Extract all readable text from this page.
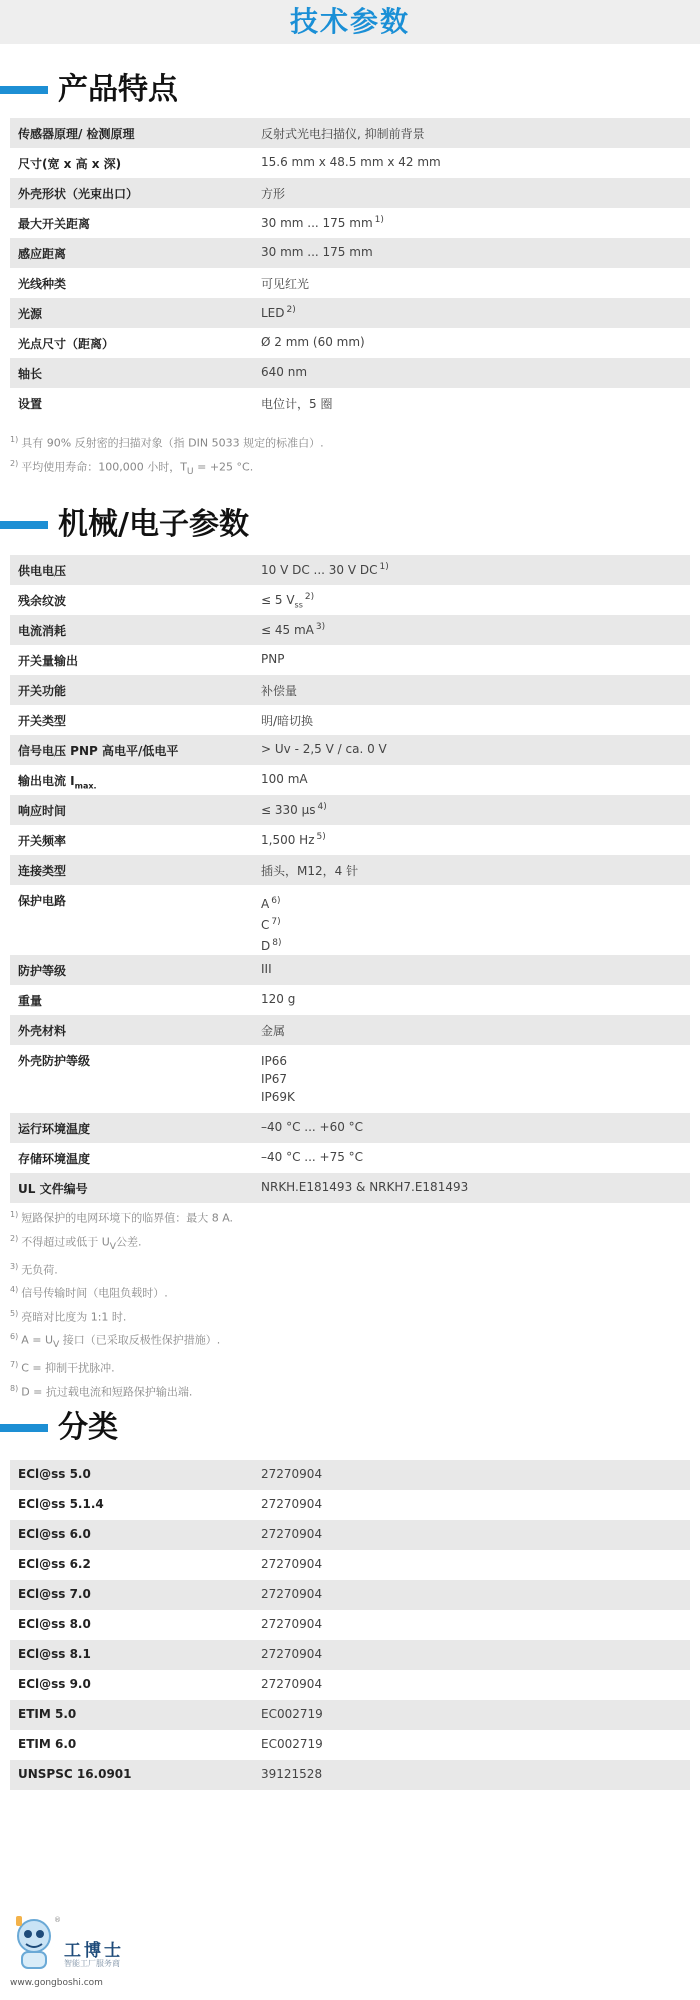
技术参数
产品特点
传感器原理/ 检测原理	反射式光电扫描仪, 抑制前背景
尺寸(宽 x 高 x 深)	15.6 mm x 48.5 mm x 42 mm
外壳形状（光束出口）	方形
最大开关距离	30 mm ... 175 mm $^{1)}$
感应距离	30 mm ... 175 mm
光线种类	可见红光
光源	LED $^{2)}$
光点尺寸（距离）	Ø 2 mm (60 mm)
轴长	640 nm
设置	电位计，5 圈
$^{1)}$ 具有 90% 反射密的扫描对象（指 DIN 5033 规定的标准白）.
$^{2)}$ 平均使用寿命：100,000 小时，$T_U = +25$ °C.
机械/电子参数
供电电压	10 V DC ... 30 V DC $^{1)}$
残余纹波	≤ 5 $V_{ss}^{2)}$
电流消耗	≤ 45 mA $^{3)}$
开关量输出	PNP
开关功能	补偿量
开关类型	明/暗切换
信号电压 PNP 高电平/低电平	> Uv - 2,5 V / ca. 0 V
输出电流 $I_{max.}$	100 mA
响应时间	≤ 330 µs $^{4)}$
开关频率	1,500 Hz $^{5)}$
连接类型	插头，M12，4 针
保护电路	A $^{6)}$
C $^{7)}$
D $^{8)}$

防护等级	III
重量	120 g
外壳材料	金属
外壳防护等级	IP66
IP67
IP69K

运行环境温度	–40 °C ... +60 °C
存储环境温度	–40 °C ... +75 °C
UL 文件编号	NRKH.E181493 & NRKH7.E181493
$^{1)}$ 短路保护的电网环境下的临界值：最大 8 A.
$^{2)}$ 不得超过或低于 $U_V$公差.
$^{3)}$ 无负荷.
$^{4)}$ 信号传输时间（电阻负载时）.
$^{5)}$ 亮暗对比度为 1:1 时.
$^{6)}$ $A = U_V$ 接口（已采取反极性保护措施）.
$^{7)}$ C = 抑制干扰脉冲.
$^{8)}$ D = 抗过载电流和短路保护输出端.
分类
ECl@ss 5.0	27270904
ECl@ss 5.1.4	27270904
ECl@ss 6.0	27270904
ECl@ss 6.2	27270904
ECl@ss 7.0	27270904
ECl@ss 8.0	27270904
ECl@ss 8.1	27270904
ECl@ss 9.0	27270904
ETIM 5.0	EC002719
ETIM 6.0	EC002719
UNSPSC 16.0901	39121528
®
工博士
智能工厂服务商
www.gongboshi.com
